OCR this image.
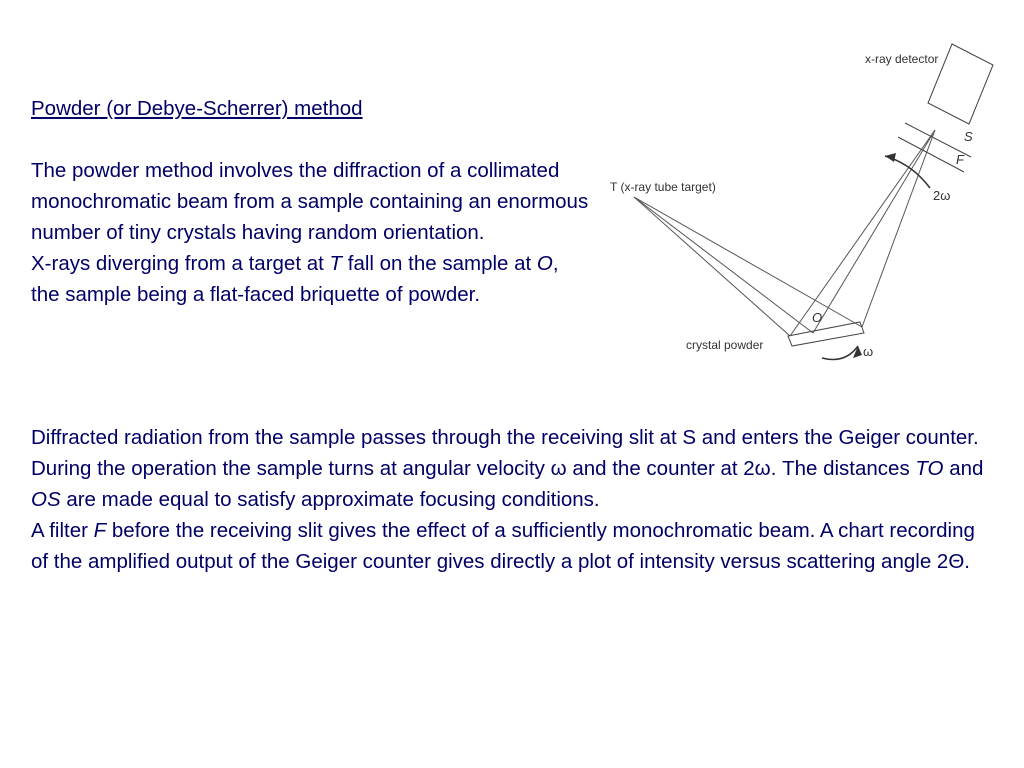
Powder (or Debye-Scherrer) method
The powder method involves the diffraction of a collimated monochromatic beam from a sample containing an enormous number of tiny crystals having random orientation.
X-rays diverging from a target at T fall on the sample at O, the sample being a flat-faced briquette of powder.
Diffracted radiation from the sample passes through the receiving slit at S and enters the Geiger counter. During the operation the sample turns at angular velocity ω and the counter at 2ω. The distances TO and OS are made equal to satisfy approximate focusing conditions.
A filter F before the receiving slit gives the effect of a sufficiently monochromatic beam. A chart recording of the amplified output of the Geiger counter gives directly a plot of intensity versus scattering angle 2Θ.
x-ray detector
S
F
2ω
T (x-ray tube target)
O
crystal powder	ω
